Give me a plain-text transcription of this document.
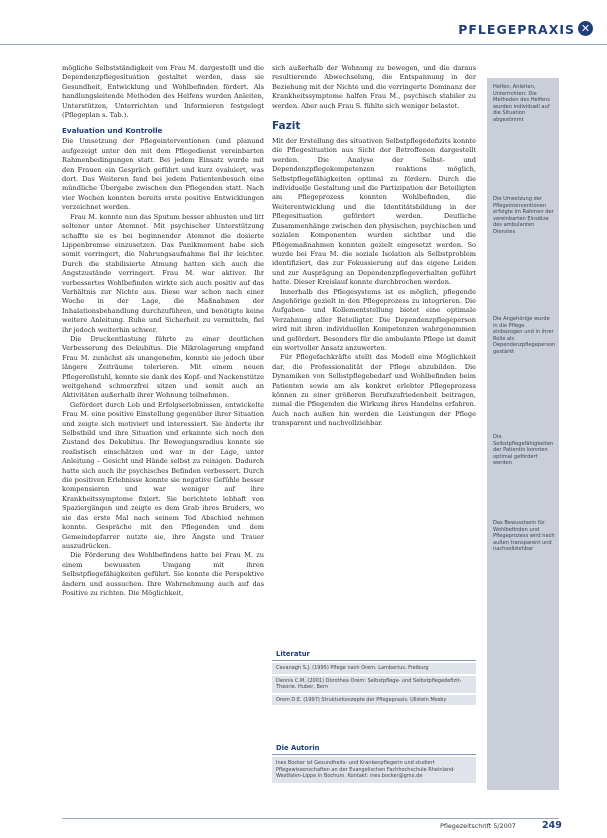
PFLEGEPRAXIS ✕

mögliche Selbstständigkeit von Frau M. dargestellt und die Dependenzpflegesituation gestaltet werden, dass sie Gesundheit, Entwicklung und Wohlbefinden fördert. Als handlungsleitende Methoden des Helfens wurden Anleiten, Unterstützen, Unterrichten und Informieren festgelegt (Pflegeplan s. Tab.).

Evaluation und Kontrolle

Die Umsetzung der Pflegeinterventionen (und planund aufgezeigt unter den mit dem Pflegedienst vereinbarten Rahmenbedingungen statt. Bei jedem Einsatz wurde mit den Frauen ein Gespräch geführt und kurz evaluiert, was dort. Das Weiteren fand bei jedem Patientenbesuch eine mündliche Übergabe zwischen den Pflegenden statt. Nach vier Wochen konnten bereits erste positive Entwicklungen verzeichnet werden.

Frau M. konnte nun das Sputum besser abhusten und litt seltener unter Atemnot. Mit psychischer Unterstützung schaffte sie es bei beginnender Atemnot die dosierte Lippenbremse einzusetzen. Das Panikmoment habe sich somit verringert, die Nahrungsaufnahme fiel ihr leichter. Durch die stabilisierte Atmung hatten sich auch die Angstzustände verringert. Frau M. war aktiver. Ihr verbessertes Wohlbefinden wirkte sich auch positiv auf das Verhältnis zur Nichte aus. Diese war schon nach einer Woche in der Lage, die Maßnahmen der Inhalationsbehandlung durchzuführen, und benötigte keine weitere Anleitung. Ruhe und Sicherheit zu vermitteln, fiel ihr jedoch weiterhin schwer.

Die Druckentlastung führte zu einer deutlichen Verbesserung des Dekubitus. Die Mikrolagerung empfand Frau M. zunächst als unangenehm, konnte sie jedoch über längere Zeiträume tolerieren. Mit einem neuen Pflegerollstuhl, konnte sie dank des Kopf- und Nackenstütze weitgehend schmerzfrei sitzen und somit auch an Aktivitäten außerhalb ihrer Wohnung teilnehmen.

Gefördert durch Lob und Erfolgserlebnissen, entwickelte Frau M. eine positive Einstellung gegenüber ihrer Situation und zeigte sich motiviert und interessiert. Sie änderte ihr Selbstbild und ihre Situation und erkannte sich noch den Zustand des Dekubitus. Ihr Bewegungsradius konnte sie realistisch einschätzen und war in der Lage, unter Anleitung – Gesicht und Hände selbst zu reinigen. Dadurch hatte sich auch ihr psychisches Befinden verbessert. Durch die positiven Erlebnisse konnte sie negative Gefühle besser kompensieren und war weniger auf ihre Krankheitssymptome fixiert. Sie berichtete lebhaft von Spaziergängen und zeigte es dem Grab ihres Bruders, wo sie das erste Mal nach seinem Tod Abschied nehmen konnte. Gespräche mit den Pflegenden und dem Gemeindepfarrer nutzte sie, ihre Ängste und Trauer auszudrücken.

Die Förderung des Wohlbefindens hatte bei Frau M. zu einem bewussten Umgang mit ihren Selbstpflegefähigkeiten geführt. Sie konnte die Perspektive ändern und aussuchen. Ihre Wahrnehmung auch auf das Positive zu richten. Die Möglichkeit,

sich außerhalb der Wohnung zu bewegen, und die daraus resultierende Abwechselung, die Entspannung in der Beziehung mit der Nichte und die verringerte Dominanz der Krankheitssymptome halfen Frau M., psychisch stabiler zu werden. Aber auch Frau S. fühlte sich weniger belastet.

Fazit

Mit der Erstellung des situativen Selbstpflegedefizits konnte die Pflegesituation aus Sicht der Betroffenen dargestellt werden. Die Analyse der Selbst- und Dependenzpflegekompetenzen reaktions möglich, Selbstpflegefähigkeiten optimal zu fördern. Durch die individuelle Gestaltung und die Partizipation der Beteiligten am Pflegeprozess konnten Wohlbefinden, die Weiterentwicklung und die Identitätsbildung in der Pflegesituation gefördert werden. Deutliche Zusammenhänge zwischen den physischen, psychischen und sozialen Komponenten wurden sichtbar und die Pflegemaßnahmen konnten gezielt eingesetzt werden. So wurde bei Frau M. die soziale Isolation als Selbstproblem identifiziert, das zur Fokussierung auf das eigene Leiden und zur Ausprägung an Dependenzpflegeverhalten geführt hatte. Dieser Kreislauf konnte durchbrochen werden.

Innerhalb des Pflegesystems ist es möglich, pflegende Angehörige gezielt in den Pflegeprozess zu integrieren. Die Aufgaben- und Kollementstellung bietet eine optimale Verzahnung aller Beteiligter. Die Dependenzpflegeperson wird mit ihren individuellen Kompetenzen wahrgenommen und gefördert. Besonders für die ambulante Pflege ist damit ein wertvoller Ansatz anzuwerten.

Für Pflegefachkräfte stellt das Modell eine Möglichkeit dar, die Professionalität der Pflege abzubilden. Die Dynamiken von Selbstpflegebedarf und Wohlbefinden beim Patienten sowie am als konkret erlebter Pflegeprozess können zu einer größeren Berufszufriedenheit beitragen, zumal die Pflegenden die Wirkung ihres Handelns erfahren. Auch nach außen hin werden die Leistungen der Pflege transparent und nachvollziehbar.

Helfen, Anleiten, Unterrichten: Die Methoden des Helfens wurden individuell auf die Situation abgestimmt
Die Umsetzung der Pflegeinterventionen erfolgte im Rahmen der vereinbarten Einsätze des ambulanten Dienstes
Die Angehörige wurde in die Pflege einbezogen und in ihrer Rolle als Dependenzpflegeperson gestärkt
Die Selbstpflegefähigkeiten der Patientin konnten optimal gefördert werden
Das Bewusstsein für Wohlbefinden und Pflegeprozess wird nach außen transparent und nachvollziehbar
Literatur
Cavanagh S.J. (1995) Pflege nach Orem. Lambertus, Freiburg
Dennis C.M. (2001) Dorothea Orem: Selbstpflege- und Selbstpflegedefizit-Theorie. Huber, Bern
Orem D.E. (1997) Strukturkonzepte der Pflegepraxis. Ullstein Mosby
Die Autorin
Ines Bocker ist Gesundheits- und Krankenpflegerin und studiert Pflegewissenschaften an der Evangelischen Fachhochschule Rheinland-Westfalen-Lippe in Bochum. Kontakt: ines.bocker@gmx.de
Pflegezeitschrift 5/2007	249
